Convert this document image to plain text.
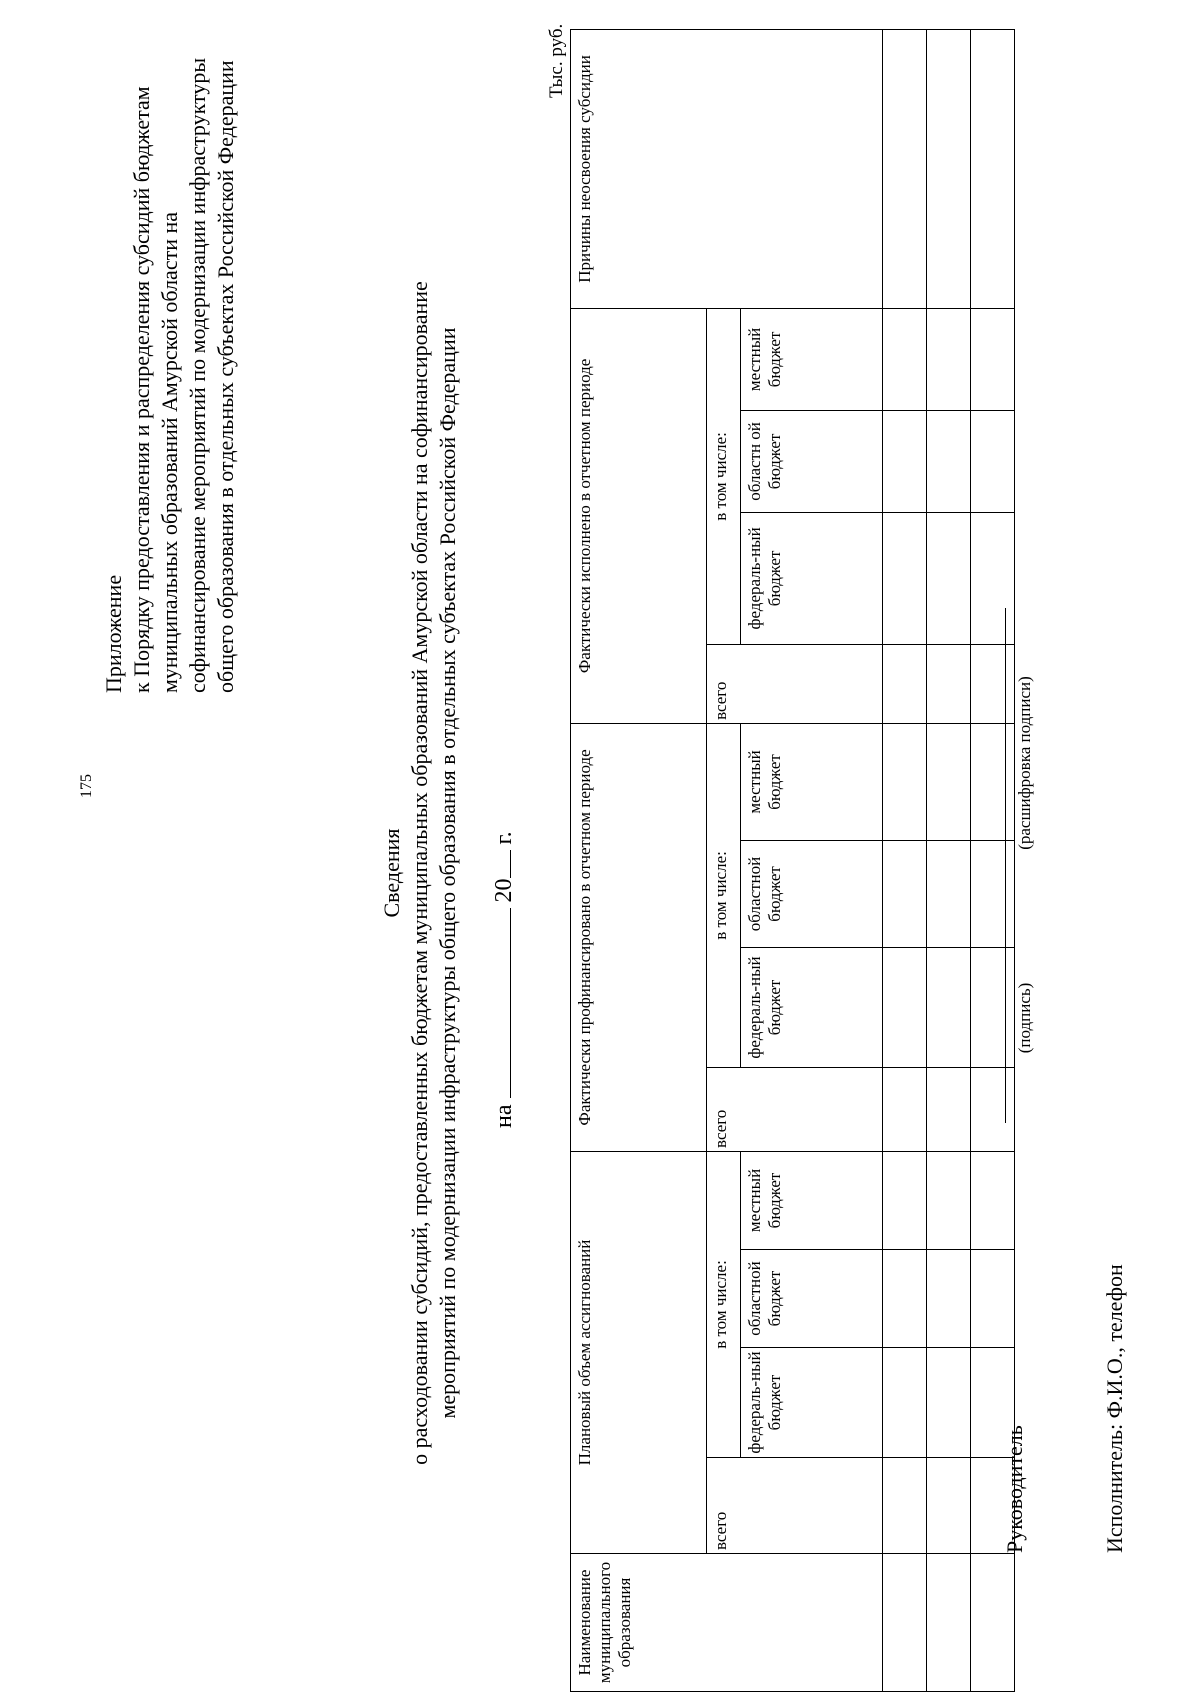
175
Приложение к Порядку предоставления и распределения субсидий бюджетам муниципальных образований Амурской области на софинансирование мероприятий по модернизации инфраструктуры общего образования в отдельных субъектах Российской Федерации
Сведения о расходовании субсидий, предоставленных бюджетам муниципальных образований Амурской области на софинансирование мероприятий по модернизации инфраструктуры общего образования в отдельных субъектах Российской Федерации на  20 г.
Тыс. руб.
Наименование муниципального образования	Плановый объем ассигнований				Фактически профинансировано в отчетном периоде				Фактически исполнено в отчетном периоде				Причины неосвоения субсидии
	всего	в том числе:			всего	в том числе:			всего	в том числе:			
		федераль-ный бюджет	областной бюджет	местный бюджет		федераль-ный бюджет	областной бюджет	местный бюджет		федераль-ный бюджет	областн ой бюджет	местный бюджет	

Руководитель
(подпись)
(расшифровка подписи)
Исполнитель: Ф.И.О., телефон
